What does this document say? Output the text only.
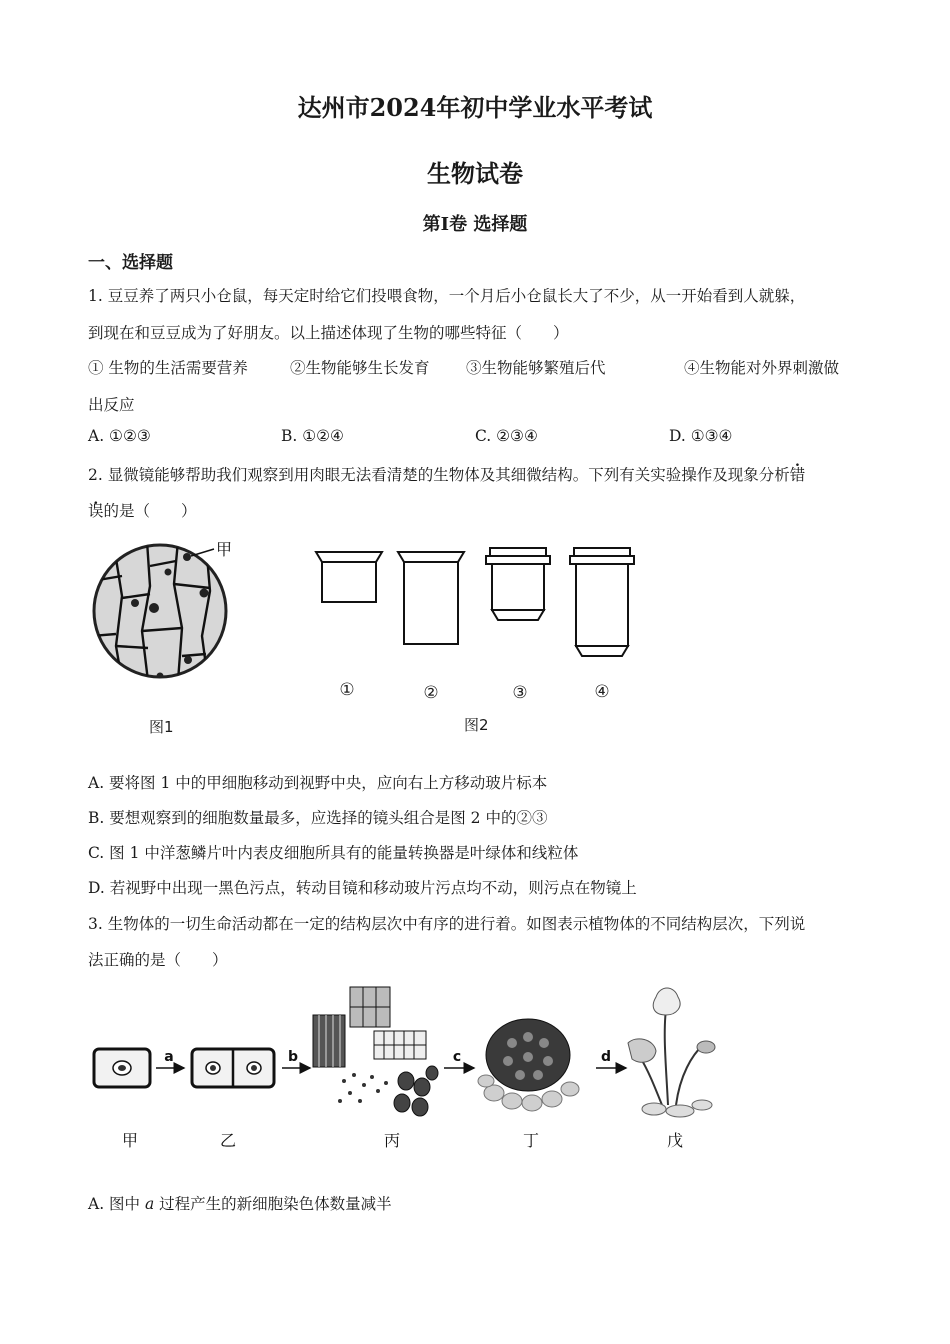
达州市2024年初中学业水平考试
生物试卷
第I卷 选择题
一、选择题
1. 豆豆养了两只小仓鼠，每天定时给它们投喂食物，一个月后小仓鼠长大了不少，从一开始看到人就躲，
到现在和豆豆成为了好朋友。以上描述体现了生物的哪些特征（　　）
① 生物的生活需要营养	②生物能够生长发育 ③生物能够繁殖后代	④生物能对外界刺激做
出反应
A. ①②③	B. ①②④	C. ②③④	D. ①③④
2. 显微镜能够帮助我们观察到用肉眼无法看清楚的生物体及其细微结构。下列有关实验操作及现象分析错
误的是（　　）
甲
图1
①	②	③	④
图2
A. 要将图 1 中的甲细胞移动到视野中央，应向右上方移动玻片标本
B. 要想观察到的细胞数量最多，应选择的镜头组合是图 2 中的②③
C. 图 1 中洋葱鳞片叶内表皮细胞所具有的能量转换器是叶绿体和线粒体
D. 若视野中出现一黑色污点，转动目镜和移动玻片污点均不动，则污点在物镜上
3. 生物体的一切生命活动都在一定的结构层次中有序的进行着。如图表示植物体的不同结构层次，下列说
法正确的是（　　）
a	b	c	d
甲	乙	丙	丁	戊
A. 图中 a 过程产生的新细胞染色体数量减半
